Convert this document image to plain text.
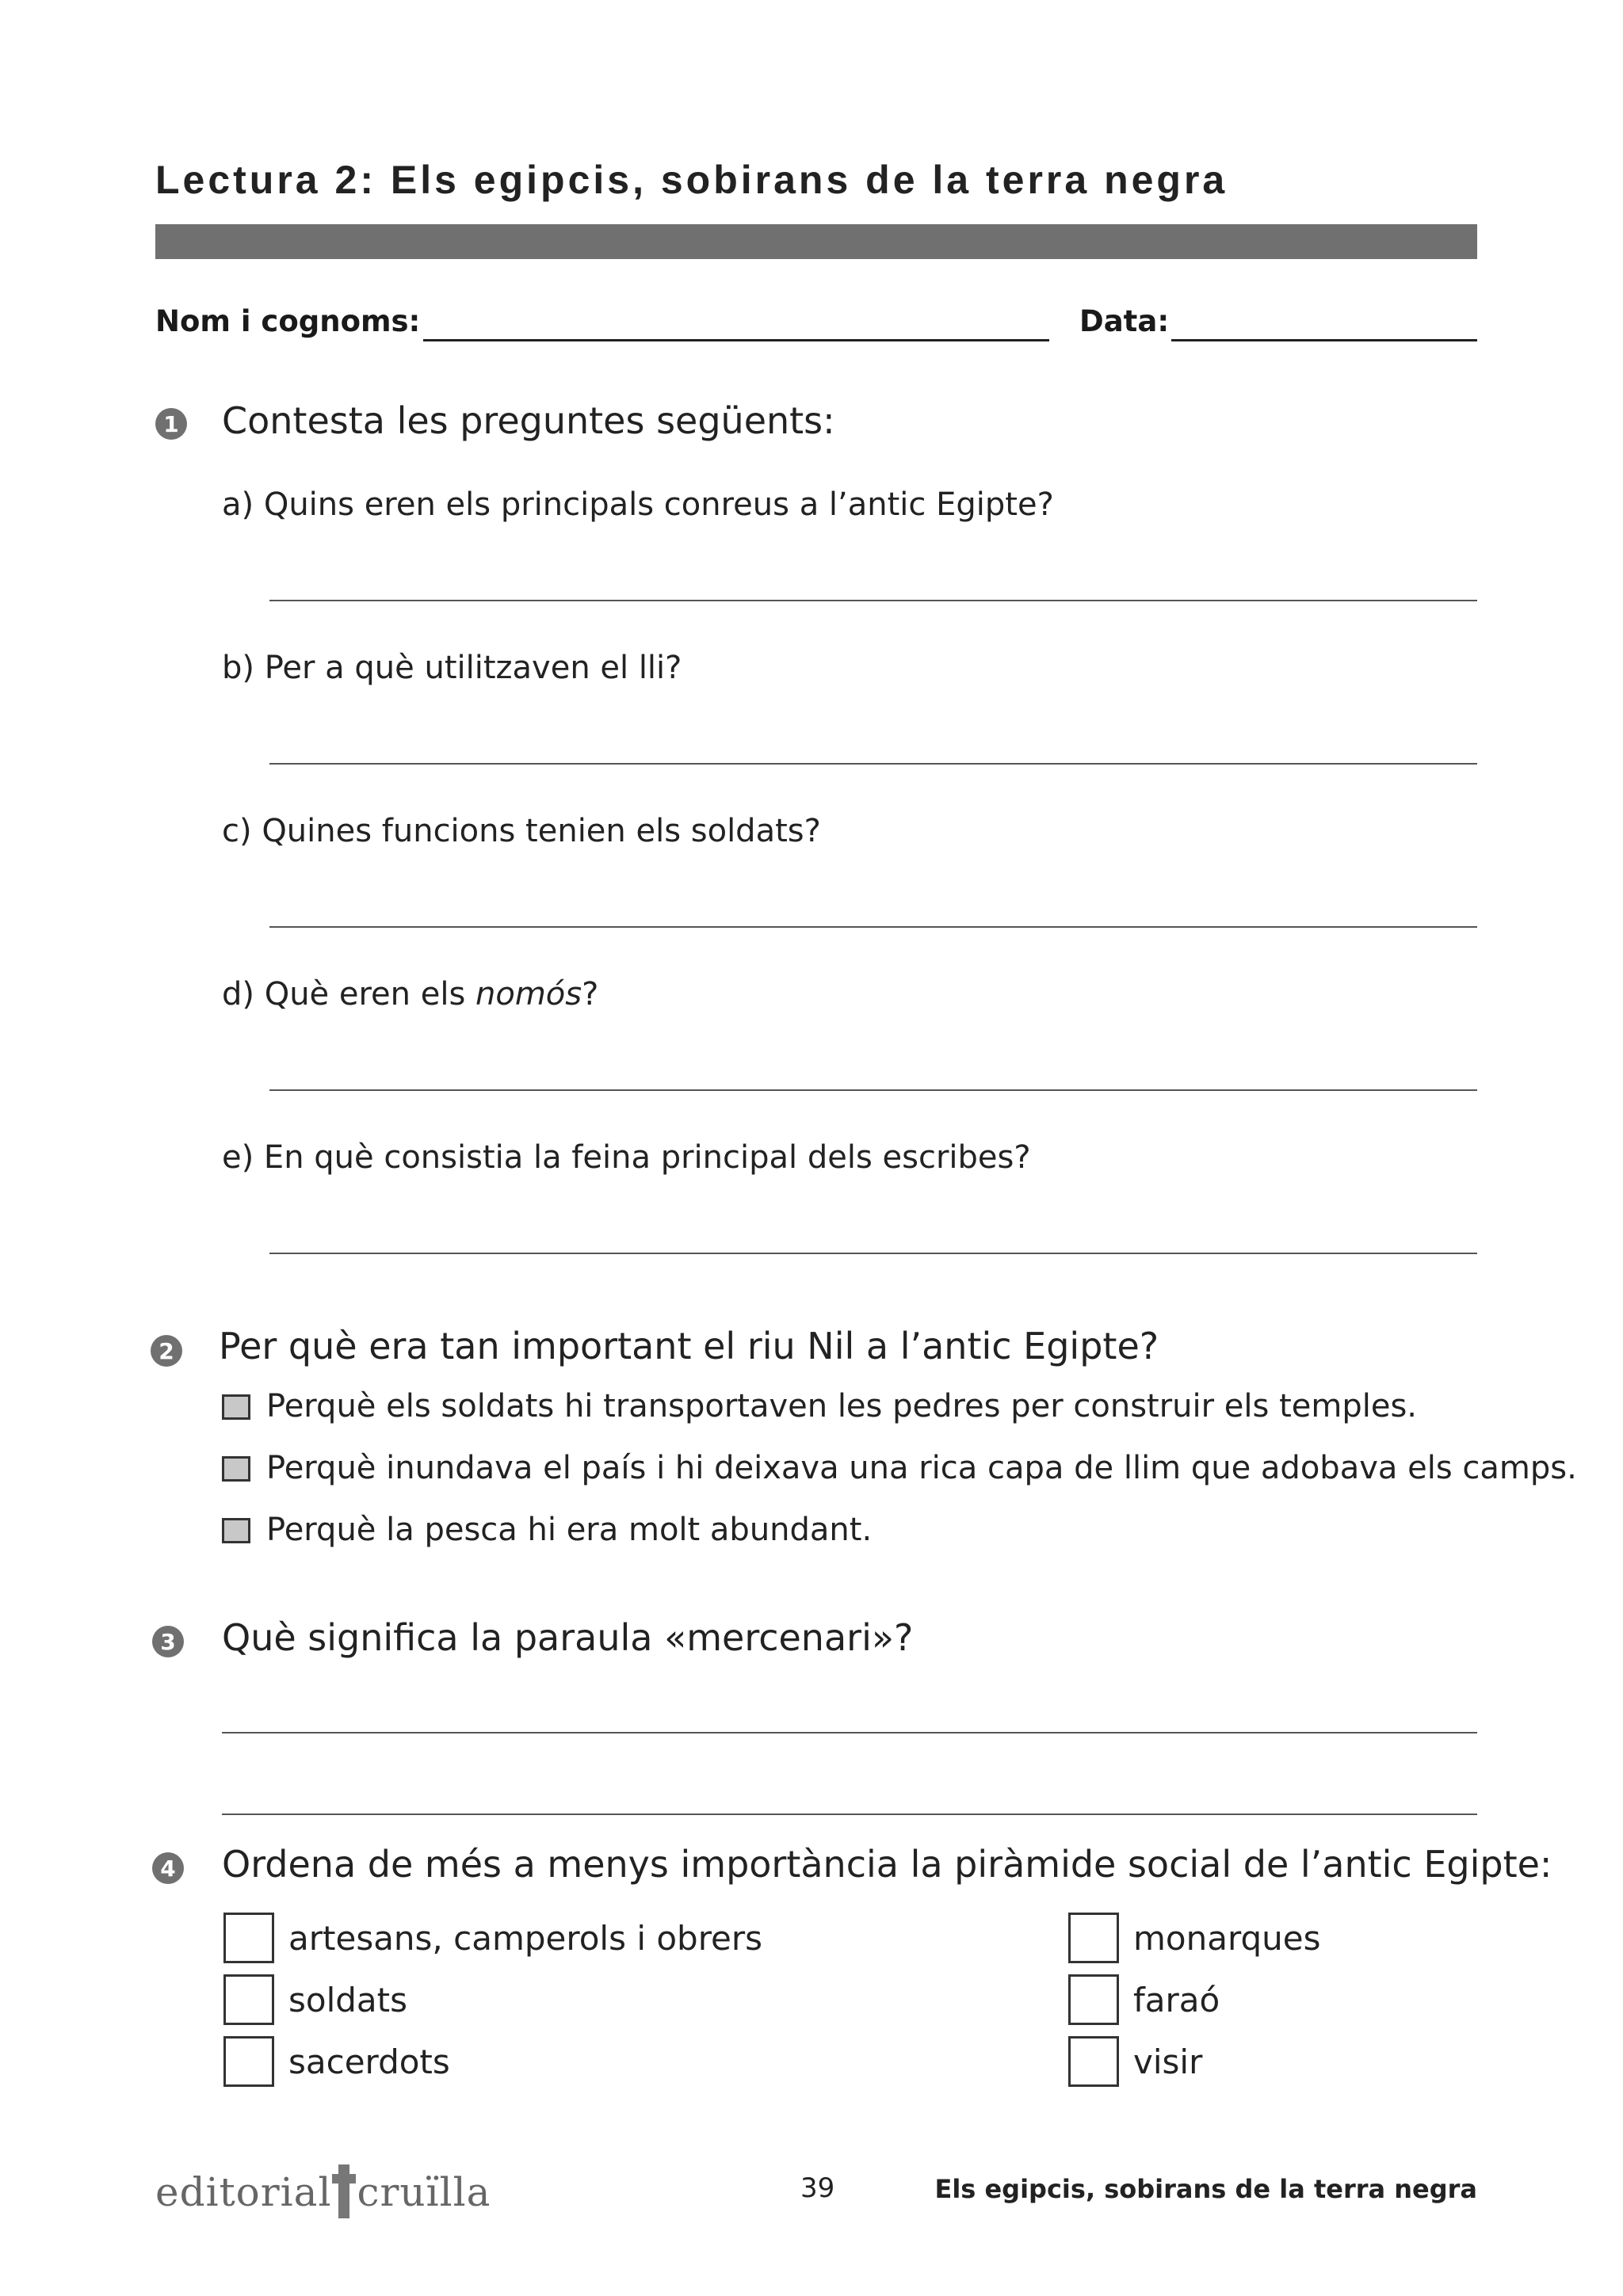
Lectura 2: Els egipcis, sobirans de la terra negra
Nom i cognoms:	Data:
1 Contesta les preguntes següents:
a) Quins eren els principals conreus a l’antic Egipte?
b) Per a què utilitzaven el lli?
c) Quines funcions tenien els soldats?
d) Què eren els nomós?
e) En què consistia la feina principal dels escribes?
2 Per què era tan important el riu Nil a l’antic Egipte?
Perquè els soldats hi transportaven les pedres per construir els temples.
Perquè inundava el país i hi deixava una rica capa de llim que adobava els camps.
Perquè la pesca hi era molt abundant.
3 Què significa la paraula «mercenari»?
4 Ordena de més a menys importància la piràmide social de l’antic Egipte:
artesans, camperols i obrers
soldats
sacerdots
monarques
faraó
visir
editorial cruïlla	39	Els egipcis, sobirans de la terra negra
